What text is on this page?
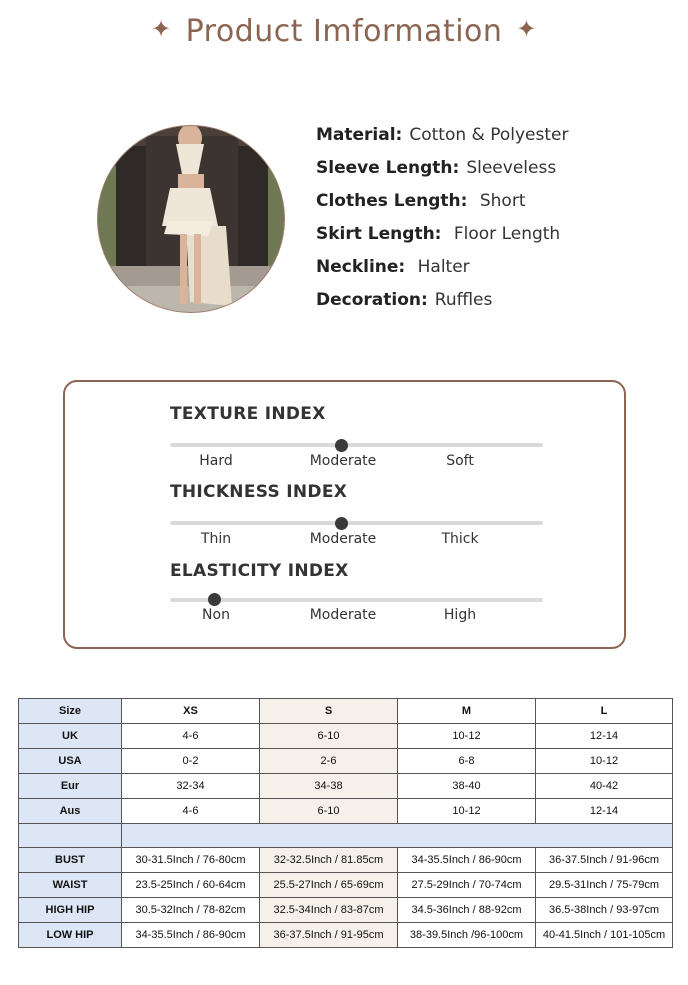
✦ Product Imformation ✦
Material: Cotton & Polyester
Sleeve Length: Sleeveless
Clothes Length: Short
Skirt Length: Floor Length
Neckline: Halter
Decoration: Ruffles
TEXTURE INDEX
Hard	Moderate	Soft
THICKNESS INDEX
Thin	Moderate	Thick
ELASTICITY INDEX
Non	Moderate	High
Size	XS	S	M	L
UK	4-6	6-10	10-12	12-14
USA	0-2	2-6	6-8	10-12
Eur	32-34	34-38	38-40	40-42
Aus	4-6	6-10	10-12	12-14

BUST	30-31.5Inch / 76-80cm	32-32.5Inch / 81.85cm	34-35.5Inch / 86-90cm	36-37.5Inch / 91-96cm
WAIST	23.5-25Inch / 60-64cm	25.5-27Inch / 65-69cm	27.5-29Inch / 70-74cm	29.5-31Inch / 75-79cm
HIGH HIP	30.5-32Inch / 78-82cm	32.5-34Inch / 83-87cm	34.5-36Inch / 88-92cm	36.5-38Inch / 93-97cm
LOW HIP	34-35.5Inch / 86-90cm	36-37.5Inch / 91-95cm	38-39.5Inch /96-100cm	40-41.5Inch / 101-105cm
